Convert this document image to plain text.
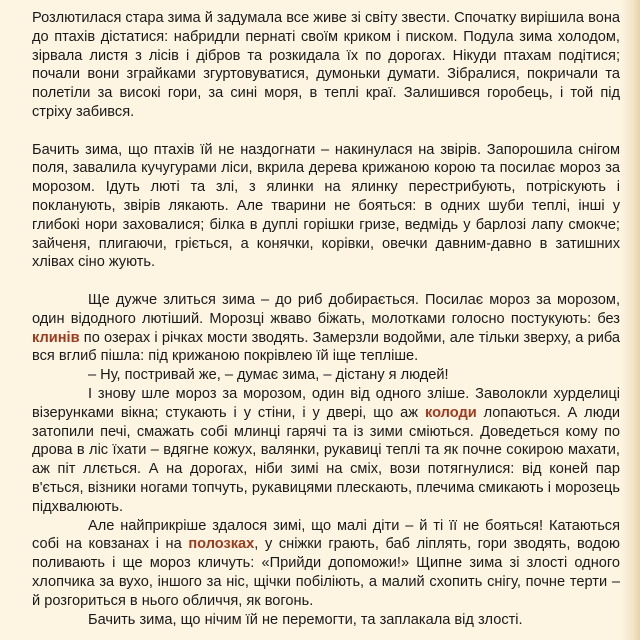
Розлютилася стара зима й задумала все живе зі світу звести. Спочатку вирішила вона до птахів дістатися: набридли пернаті своїм криком і писком. Подула зима холодом, зірвала листя з лісів і дібров та розкидала їх по дорогах. Нікуди птахам подітися; почали вони зграйками згуртовуватися, думоньки думати. Зібралися, покричали та полетіли за високі гори, за сині моря, в теплі краї. Залишився горобець, і той під стріху забився.

Бачить зима, що птахів їй не наздогнати – накинулася на звірів. Запорошила снігом поля, завалила кучугурами ліси, вкрила дерева крижаною корою та посилає мороз за морозом. Ідуть люті та злі, з ялинки на ялинку перестрибують, потріскують і покланують, звірів лякають. Але тварини не бояться: в одних шуби теплі, інші у глибокі нори заховалися; білка в дуплі горішки гризе, ведмідь у барлозі лапу смокче; зайченя, плигаючи, гріється, а конячки, корівки, овечки давним-давно в затишних хлівах сіно жують.

Ще дужче злиться зима – до риб добирається. Посилає мороз за морозом, один відодного лютіший. Морозці жваво біжать, молотками голосно постукують: без клинів по озерах і річках мости зводять. Замерзли водойми, але тільки зверху, а риба вся вглиб пішла: під крижаною покрівлею їй іще тепліше.

– Ну, постривай же, – думає зима, – дістану я людей!

І знову шле мороз за морозом, один від одного зліше. Заволокли хурделиці візерунками вікна; стукають і у стіни, і у двері, що аж колоди лопаються. А люди затопили печі, смажать собі млинці гарячі та із зими сміються. Доведеться кому по дрова в ліс їхати – вдягне кожух, валянки, рукавиці теплі та як почне сокирою махати, аж піт ллється. А на дорогах, ніби зимі на сміх, вози потягнулися: від коней пар в'ється, візники ногами топчуть, рукавицями плескають, плечима смикають і морозець підхвалюють.

Але найприкріше здалося зимі, що малі діти – й ті її не бояться! Катаються собі на ковзанах і на полозках, у сніжки грають, баб ліплять, гори зводять, водою поливають і ще мороз кличуть: «Прийди допоможи!» Щипне зима зі злості одного хлопчика за вухо, іншого за ніс, щічки побіліють, а малий схопить снігу, почне терти – й розгориться в нього обличчя, як вогонь.

Бачить зима, що нічим їй не перемогти, та заплакала від злості.
